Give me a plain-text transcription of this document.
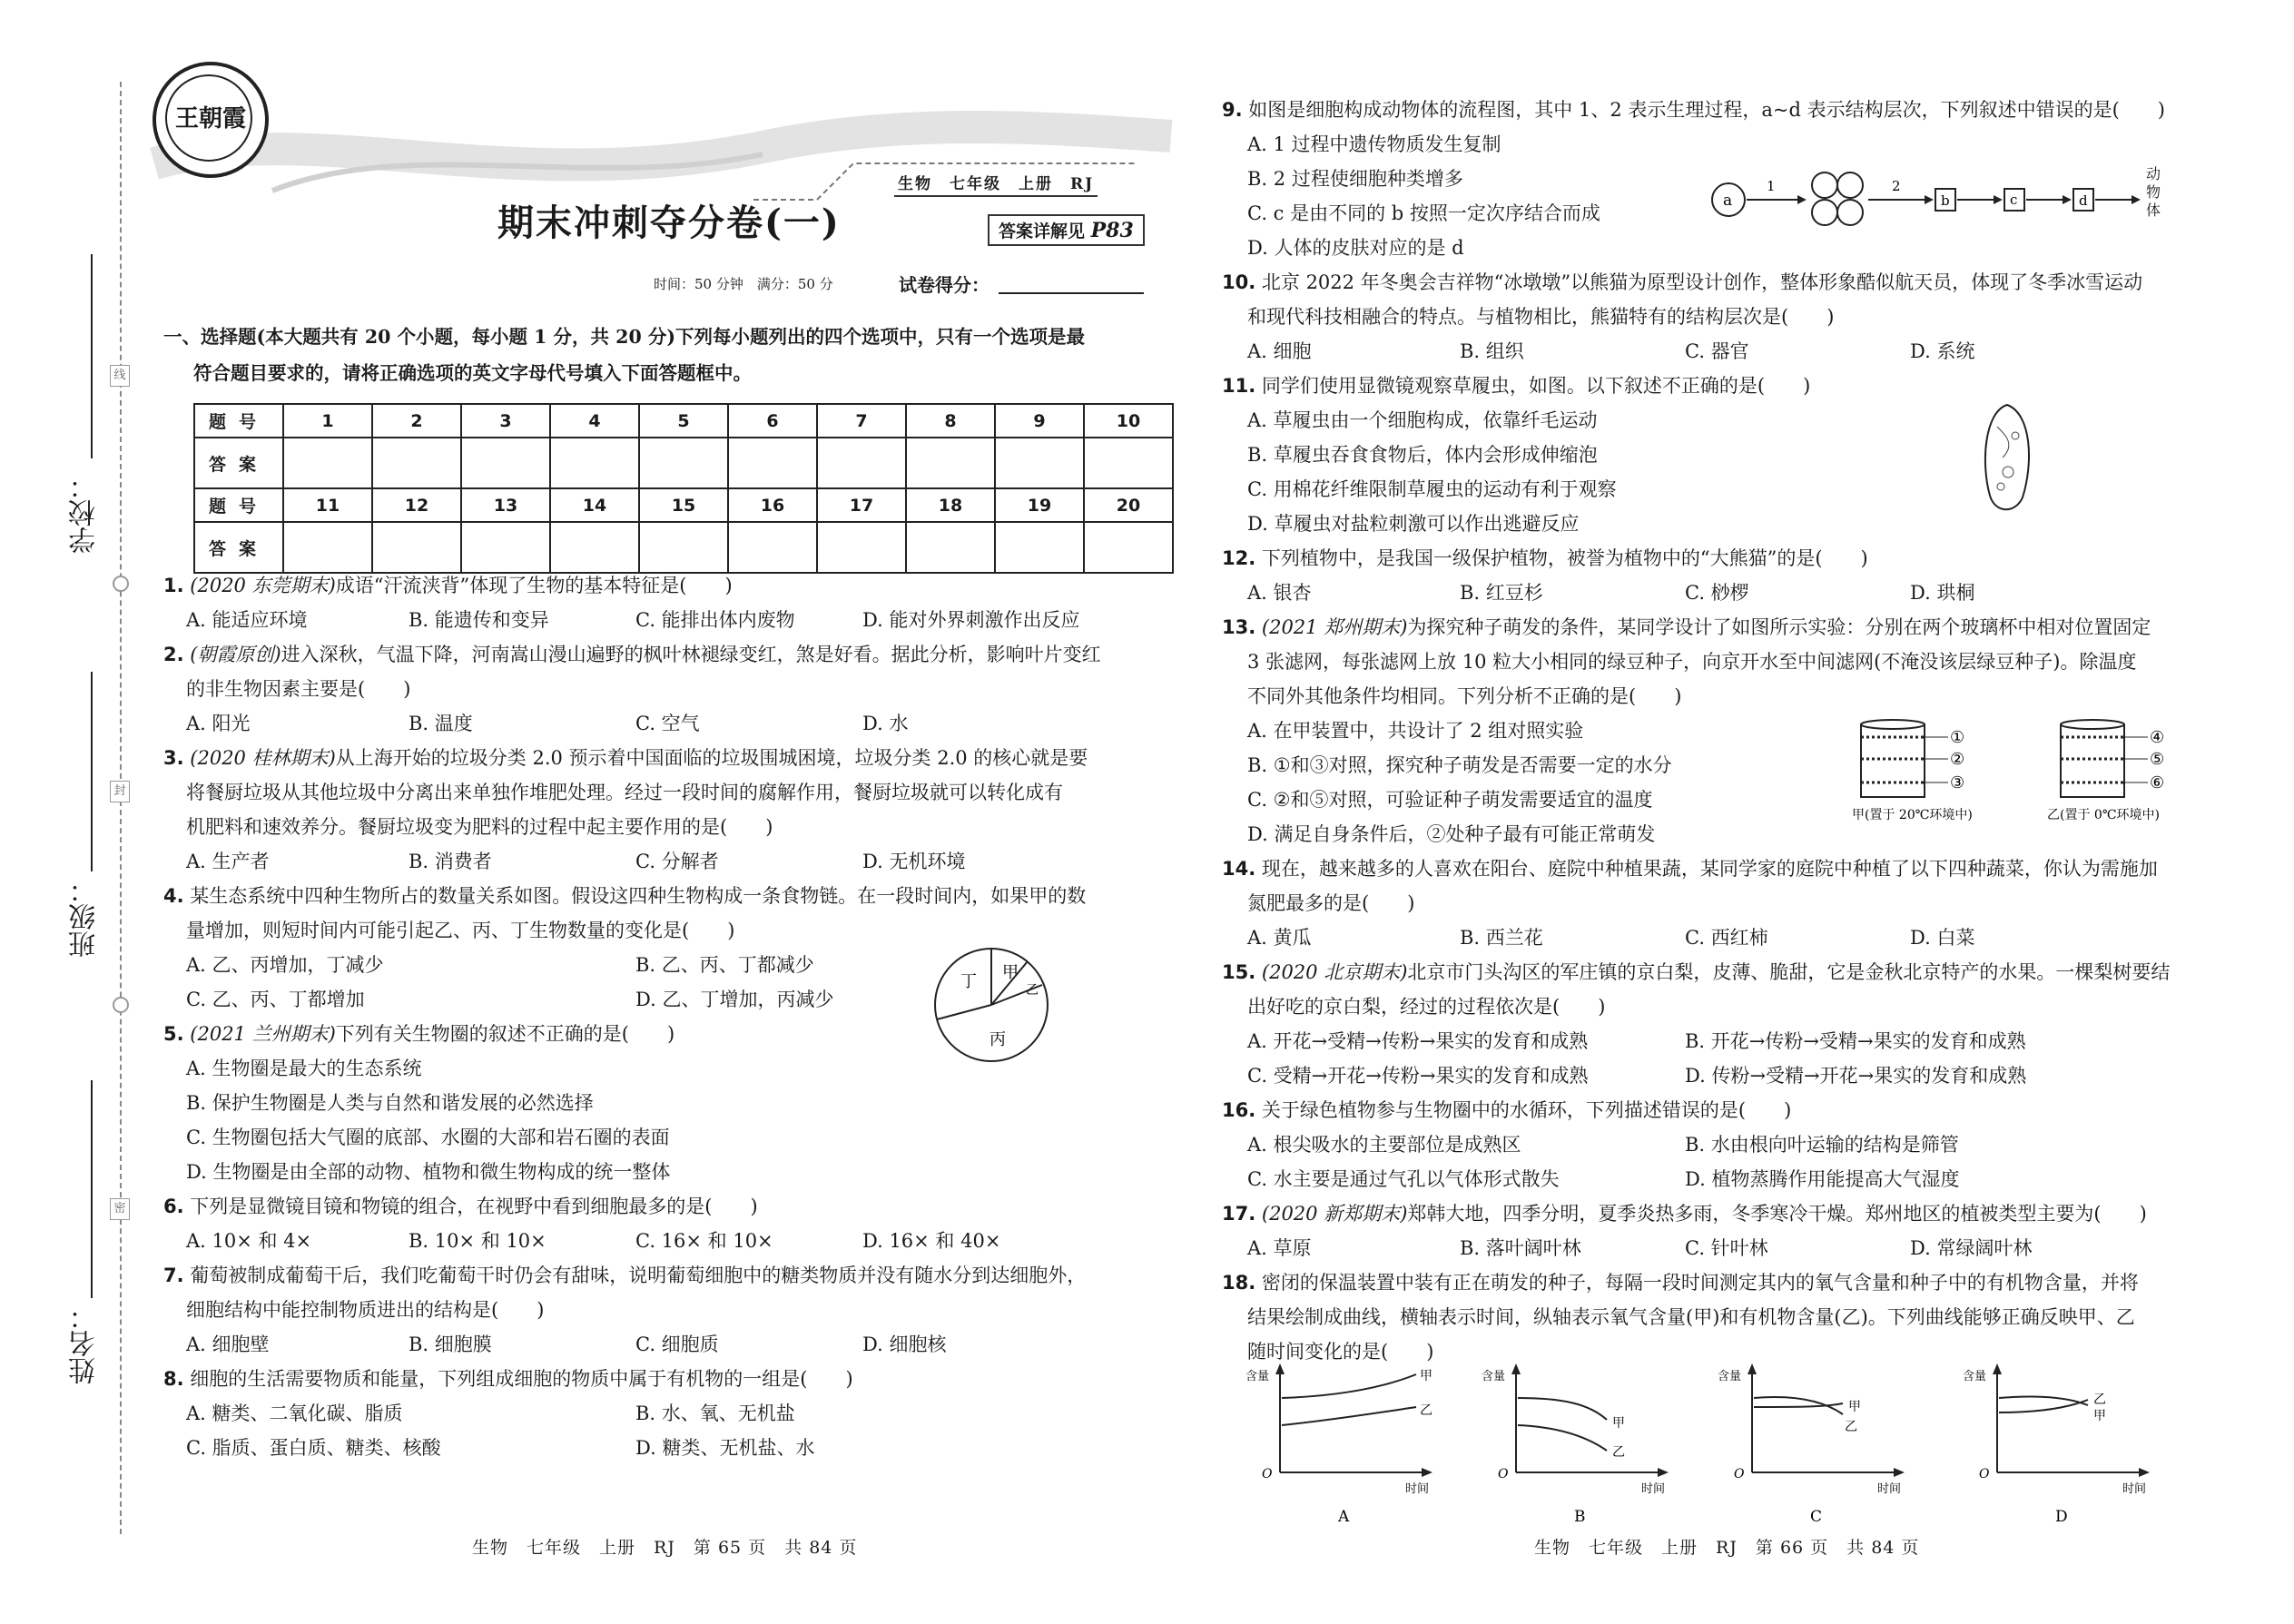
线
封
密
学校：
班级：
姓名：
王朝霞
生物　七年级　上册　RJ
期末冲刺夺分卷(一)	答案详解见 P83
时间：50 分钟　满分：50 分	试卷得分：
一、选择题(本大题共有 20 个小题，每小题 1 分，共 20 分)下列每小题列出的四个选项中，只有一个选项是最
符合题目要求的，请将正确选项的英文字母代号填入下面答题框中。
题号	1	2	3	4	5	6	7	8	9	10
答案										
题号	11	12	13	14	15	16	17	18	19	20
答案										
1. (2020 东莞期末)成语“汗流浃背”体现了生物的基本特征是(　　)
A. 能适应环境	B. 能遗传和变异	C. 能排出体内废物	D. 能对外界刺激作出反应
2. (朝霞原创)进入深秋，气温下降，河南嵩山漫山遍野的枫叶林褪绿变红，煞是好看。据此分析，影响叶片变红
的非生物因素主要是(　　)
A. 阳光	B. 温度	C. 空气	D. 水
3. (2020 桂林期末)从上海开始的垃圾分类 2.0 预示着中国面临的垃圾围城困境，垃圾分类 2.0 的核心就是要
将餐厨垃圾从其他垃圾中分离出来单独作堆肥处理。经过一段时间的腐解作用，餐厨垃圾就可以转化成有
机肥料和速效养分。餐厨垃圾变为肥料的过程中起主要作用的是(　　)
A. 生产者	B. 消费者	C. 分解者	D. 无机环境
4. 某生态系统中四种生物所占的数量关系如图。假设这四种生物构成一条食物链。在一段时间内，如果甲的数
量增加，则短时间内可能引起乙、丙、丁生物数量的变化是(　　)
A. 乙、丙增加，丁减少	B. 乙、丙、丁都减少
C. 乙、丙、丁都增加	D. 乙、丁增加，丙减少
5. (2021 兰州期末)下列有关生物圈的叙述不正确的是(　　)
A. 生物圈是最大的生态系统
B. 保护生物圈是人类与自然和谐发展的必然选择
C. 生物圈包括大气圈的底部、水圈的大部和岩石圈的表面
D. 生物圈是由全部的动物、植物和微生物构成的统一整体
6. 下列是显微镜目镜和物镜的组合，在视野中看到细胞最多的是(　　)
A. 10× 和 4×	B. 10× 和 10×	C. 16× 和 10×	D. 16× 和 40×
7. 葡萄被制成葡萄干后，我们吃葡萄干时仍会有甜味，说明葡萄细胞中的糖类物质并没有随水分到达细胞外，
细胞结构中能控制物质进出的结构是(　　)
A. 细胞壁	B. 细胞膜	C. 细胞质	D. 细胞核
8. 细胞的生活需要物质和能量，下列组成细胞的物质中属于有机物的一组是(　　)
A. 糖类、二氧化碳、脂质	B. 水、氧、无机盐
C. 脂质、蛋白质、糖类、核酸	D. 糖类、无机盐、水
丁 甲
乙
丙
9. 如图是细胞构成动物体的流程图，其中 1、2 表示生理过程，a~d 表示结构层次，下列叙述中错误的是(　　)
A. 1 过程中遗传物质发生复制
B. 2 过程使细胞种类增多
C. c 是由不同的 b 按照一定次序结合而成
D. 人体的皮肤对应的是 d
10. 北京 2022 年冬奥会吉祥物“冰墩墩”以熊猫为原型设计创作，整体形象酷似航天员，体现了冬季冰雪运动
和现代科技相融合的特点。与植物相比，熊猫特有的结构层次是(　　)
A. 细胞	B. 组织	C. 器官	D. 系统
11. 同学们使用显微镜观察草履虫，如图。以下叙述不正确的是(　　)
A. 草履虫由一个细胞构成，依靠纤毛运动
B. 草履虫吞食食物后，体内会形成伸缩泡
C. 用棉花纤维限制草履虫的运动有利于观察
D. 草履虫对盐粒刺激可以作出逃避反应
12. 下列植物中，是我国一级保护植物，被誉为植物中的“大熊猫”的是(　　)
A. 银杏	B. 红豆杉	C. 桫椤	D. 珙桐
13. (2021 郑州期末)为探究种子萌发的条件，某同学设计了如图所示实验：分别在两个玻璃杯中相对位置固定
3 张滤网，每张滤网上放 10 粒大小相同的绿豆种子，向京开水至中间滤网(不淹没该层绿豆种子)。除温度
不同外其他条件均相同。下列分析不正确的是(　　)
A. 在甲装置中，共设计了 2 组对照实验
B. ①和③对照，探究种子萌发是否需要一定的水分
C. ②和⑤对照，可验证种子萌发需要适宜的温度
D. 满足自身条件后，②处种子最有可能正常萌发
14. 现在，越来越多的人喜欢在阳台、庭院中种植果蔬，某同学家的庭院中种植了以下四种蔬菜，你认为需施加
氮肥最多的是(　　)
A. 黄瓜	B. 西兰花	C. 西红柿	D. 白菜
15. (2020 北京期末)北京市门头沟区的军庄镇的京白梨，皮薄、脆甜，它是金秋北京特产的水果。一棵梨树要结
出好吃的京白梨，经过的过程依次是(　　)
A. 开花→受精→传粉→果实的发育和成熟	B. 开花→传粉→受精→果实的发育和成熟
C. 受精→开花→传粉→果实的发育和成熟	D. 传粉→受精→开花→果实的发育和成熟
16. 关于绿色植物参与生物圈中的水循环，下列描述错误的是(　　)
A. 根尖吸水的主要部位是成熟区	B. 水由根向叶运输的结构是筛管
C. 水主要是通过气孔以气体形式散失	D. 植物蒸腾作用能提高大气湿度
17. (2020 新郑期末)郑韩大地，四季分明，夏季炎热多雨，冬季寒冷干燥。郑州地区的植被类型主要为(　　)
A. 草原	B. 落叶阔叶林	C. 针叶林	D. 常绿阔叶林
18. 密闭的保温装置中装有正在萌发的种子，每隔一段时间测定其内的氧气含量和种子中的有机物含量，并将
结果绘制成曲线，横轴表示时间，纵轴表示氧气含量(甲)和有机物含量(乙)。下列曲线能够正确反映甲、乙
随时间变化的是(　　)
a
1	2
b	c	d
动物体
①
②
③
④
⑤
⑥
甲(置于 20℃环境中)	乙(置于 0℃环境中)
含量
O
时间
甲
乙
A
含量
O
时间
甲
乙
B
含量
O
时间
甲
乙
C
含量
O
时间
乙
甲
D
生物　七年级　上册　RJ　第 65 页　共 84 页	生物　七年级　上册　RJ　第 66 页　共 84 页
